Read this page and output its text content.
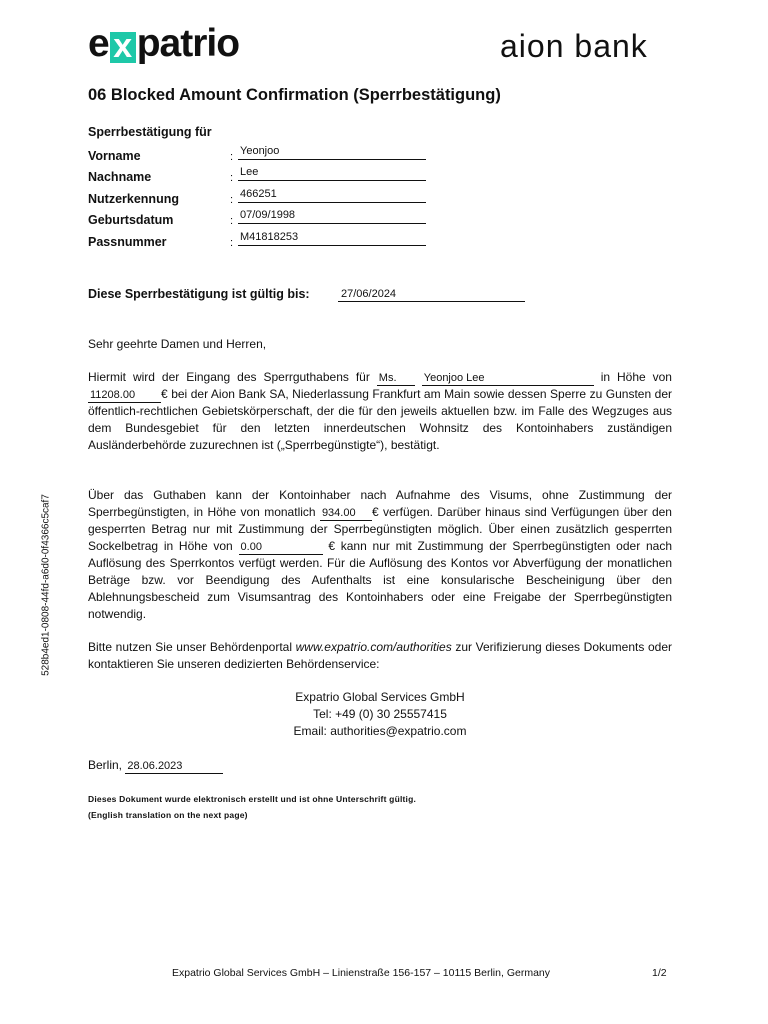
e x patrio	aion bank
06 Blocked Amount Confirmation (Sperrbestätigung)
Sperrbestätigung für
Vorname	: Yeonjoo
Nachname	: Lee
Nutzerkennung	: 466251
Geburtsdatum	: 07/09/1998
Passnummer	: M41818253
Diese Sperrbestätigung ist gültig bis:	27/06/2024
Sehr geehrte Damen und Herren,
Hiermit wird der Eingang des Sperrguthabens für Ms. Yeonjoo Lee	in Höhe von 11208.00 € bei der Aion Bank SA, Niederlassung Frankfurt am Main sowie dessen Sperre zu Gunsten der öffentlich-rechtlichen Gebietskörperschaft, der die für den jeweils aktuellen bzw. im Falle des Wegzuges aus dem Bundesgebiet für den letzten innerdeutschen Wohnsitz des Kontoinhabers zuständigen Ausländerbehörde zuzurechnen ist („Sperrbegünstigte“), bestätigt.
Über das Guthaben kann der Kontoinhaber nach Aufnahme des Visums, ohne Zustimmung der Sperrbegünstigten, in Höhe von monatlich 934.00 € verfügen. Darüber hinaus sind Verfügungen über den gesperrten Betrag nur mit Zustimmung der Sperrbegünstigten möglich. Über einen zusätzlich gesperrten Sockelbetrag in Höhe von 0.00	€ kann nur mit Zustimmung der Sperrbegünstigten oder nach Auflösung des Sperrkontos verfügt werden. Für die Auflösung des Kontos vor Abverfügung der monatlichen Beträge bzw. vor Beendigung des Aufenthalts ist eine konsularische Bescheinigung über den Ablehnungsbescheid zum Visumsantrag des Kontoinhabers oder eine Freigabe der Sperrbegünstigten notwendig.
Bitte nutzen Sie unser Behördenportal www.expatrio.com/authorities zur Verifizierung dieses Dokuments oder kontaktieren Sie unseren dedizierten Behördenservice:
Expatrio Global Services GmbH
Tel: +49 (0) 30 25557415
Email: authorities@expatrio.com
Berlin, 28.06.2023
Dieses Dokument wurde elektronisch erstellt und ist ohne Unterschrift gültig.
(English translation on the next page)
528b4ed1-0808-44fd-a6d0-0f4366c5caf7
Expatrio Global Services GmbH – Linienstraße 156-157 – 10115 Berlin, Germany	1/2
